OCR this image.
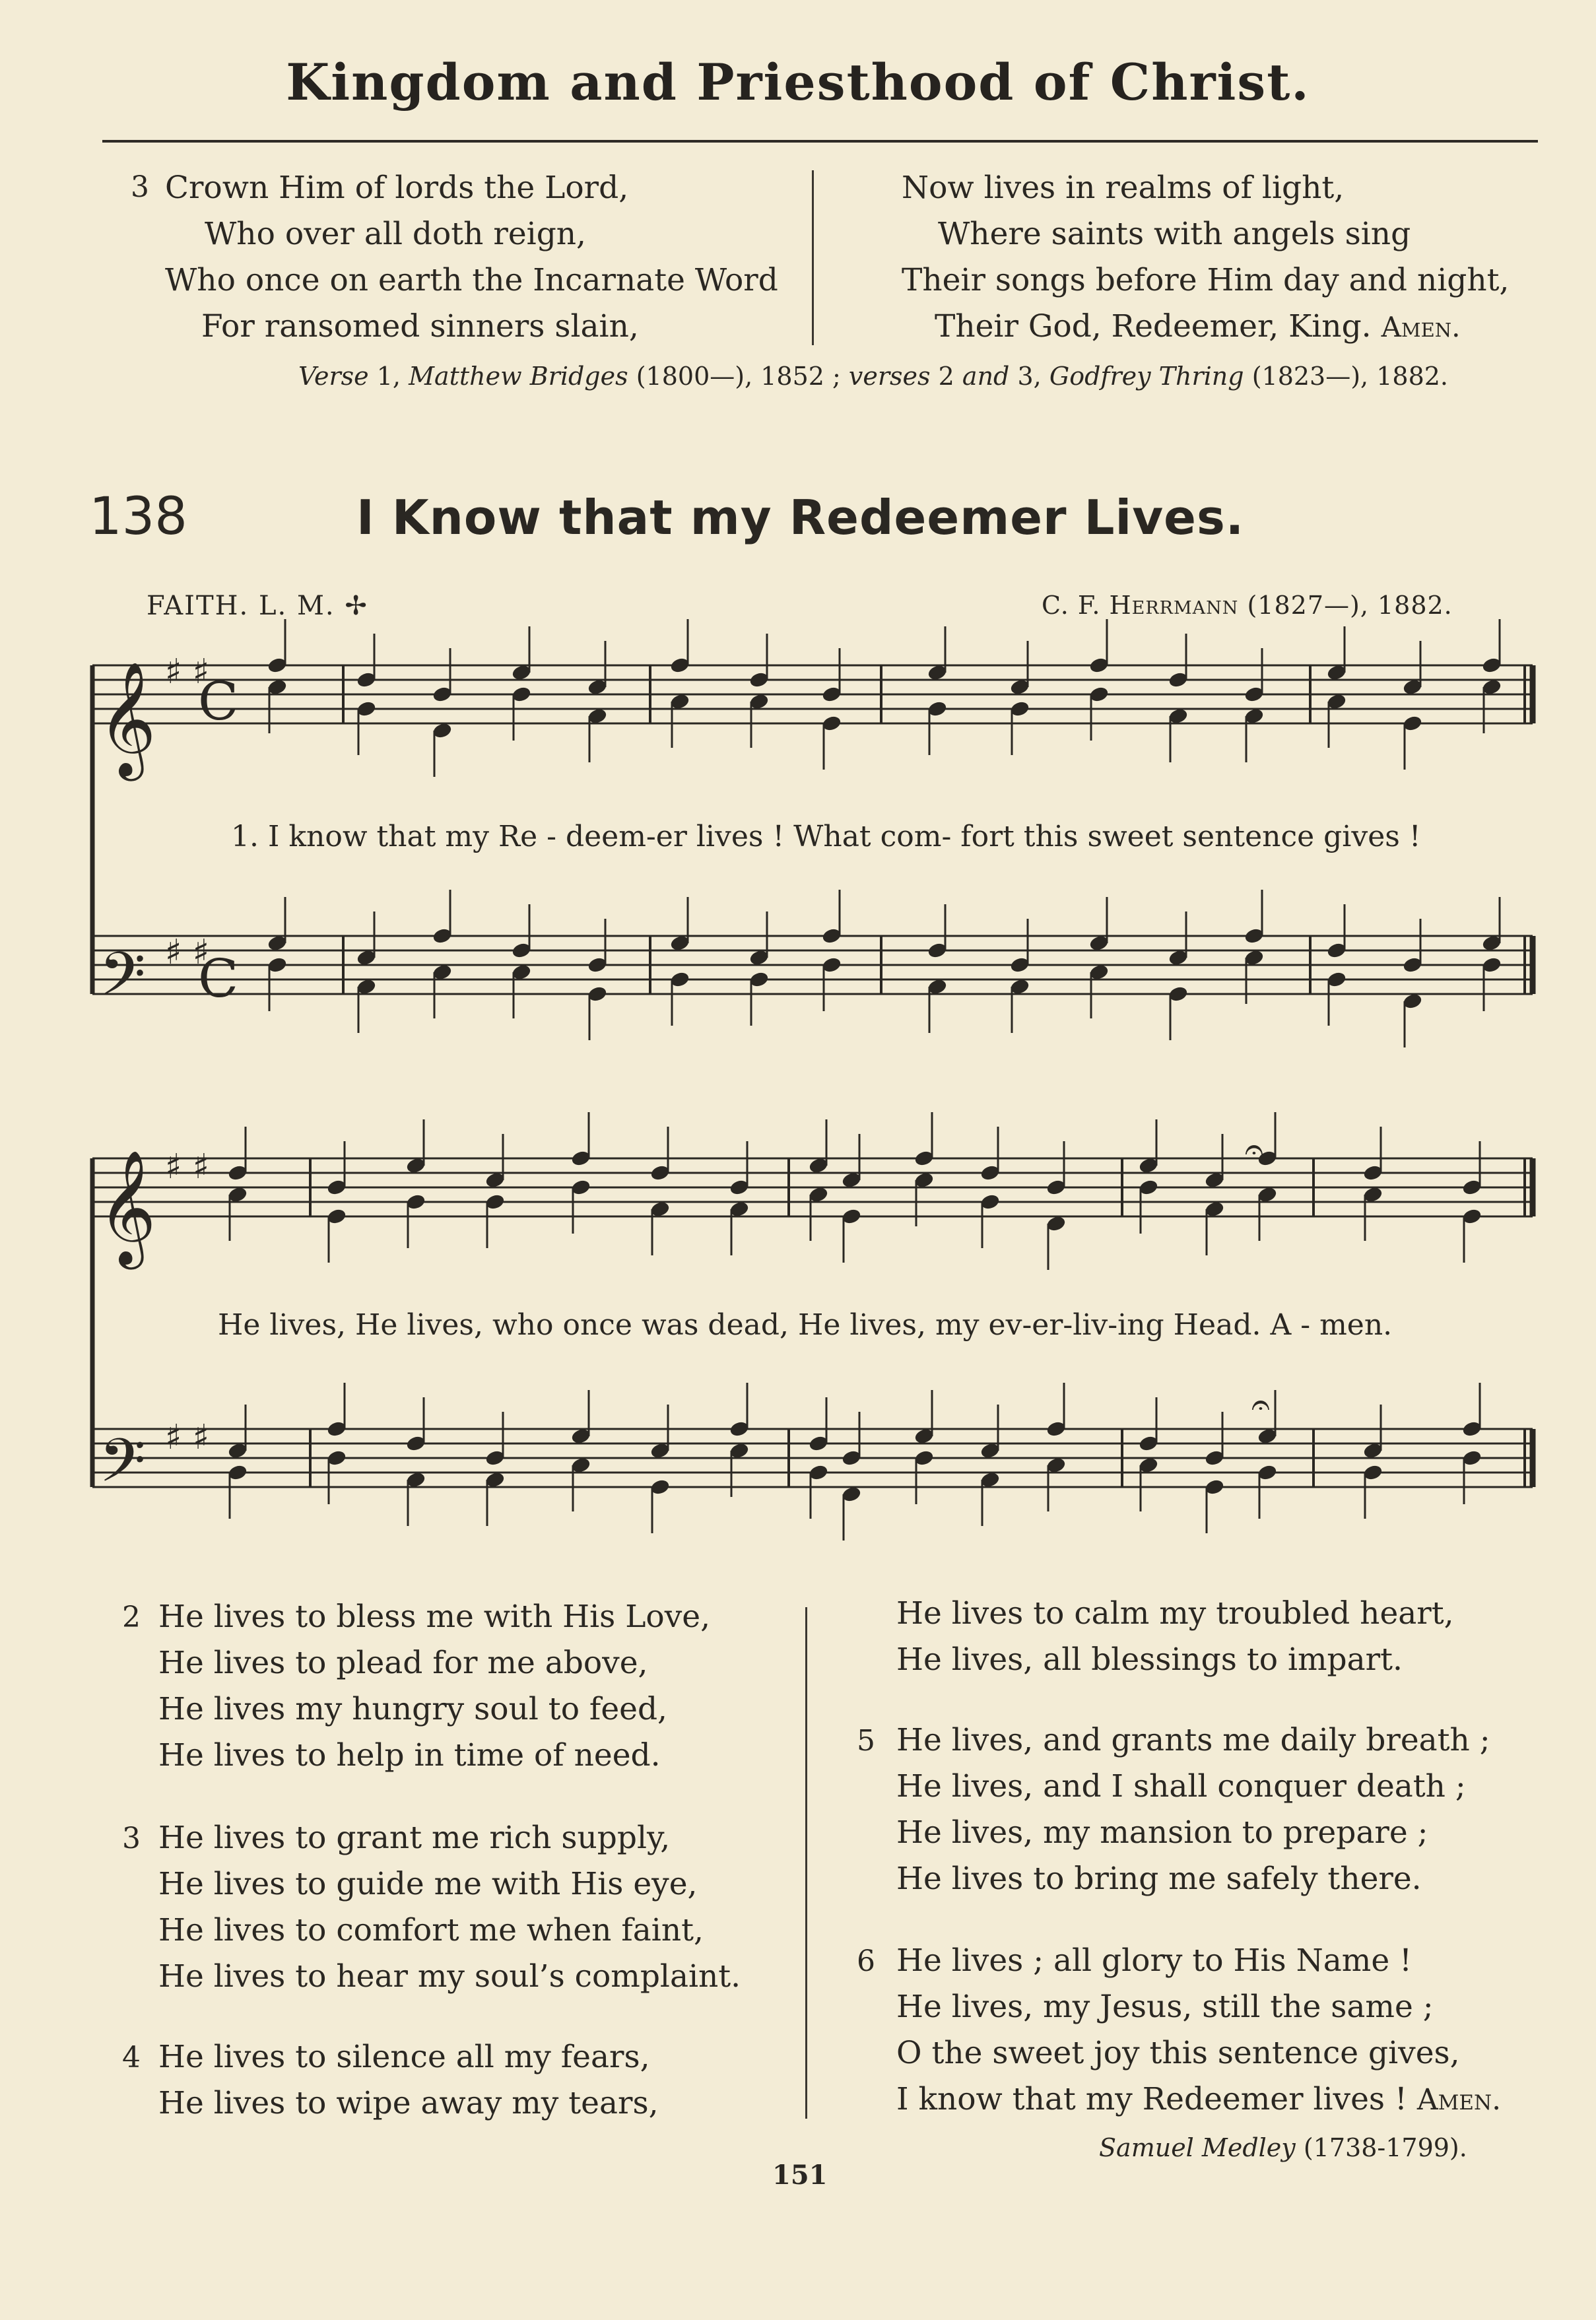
Kingdom and Priesthood of Christ.
3 Crown Him of lords the Lord,
Who over all doth reign,
Who once on earth the Incarnate Word
For ransomed sinners slain,
Now lives in realms of light,
Where saints with angels sing
Their songs before Him day and night,
Their God, Redeemer, King. Amen.
Verse 1, Matthew Bridges (1800—), 1852 ; verses 2 and 3, Godfrey Thring (1823—), 1882.
138	I Know that my Redeemer Lives.
FAITH. L. M. ✢	C. F. Herrmann (1827—), 1882.
𝄞
𝄢
𝄞
𝄢
♯ ♯
C
♯ ♯
C
♯ ♯
♯ ♯
𝄐
𝄐
1. I know that my Re - deem-er lives ! What com- fort this sweet sentence gives !
He lives, He lives, who once was dead, He lives, my ev-er-liv-ing Head. A - men.
2 He lives to bless me with His Love,
He lives to plead for me above,
He lives my hungry soul to feed,
He lives to help in time of need.
3 He lives to grant me rich supply,
He lives to guide me with His eye,
He lives to comfort me when faint,
He lives to hear my soul’s complaint.
4 He lives to silence all my fears,
He lives to wipe away my tears,
He lives to calm my troubled heart,
He lives, all blessings to impart.
5 He lives, and grants me daily breath ;
He lives, and I shall conquer death ;
He lives, my mansion to prepare ;
He lives to bring me safely there.
6 He lives ; all glory to His Name !
He lives, my Jesus, still the same ;
O the sweet joy this sentence gives,
I know that my Redeemer lives ! Amen.
Samuel Medley (1738-1799).
151
